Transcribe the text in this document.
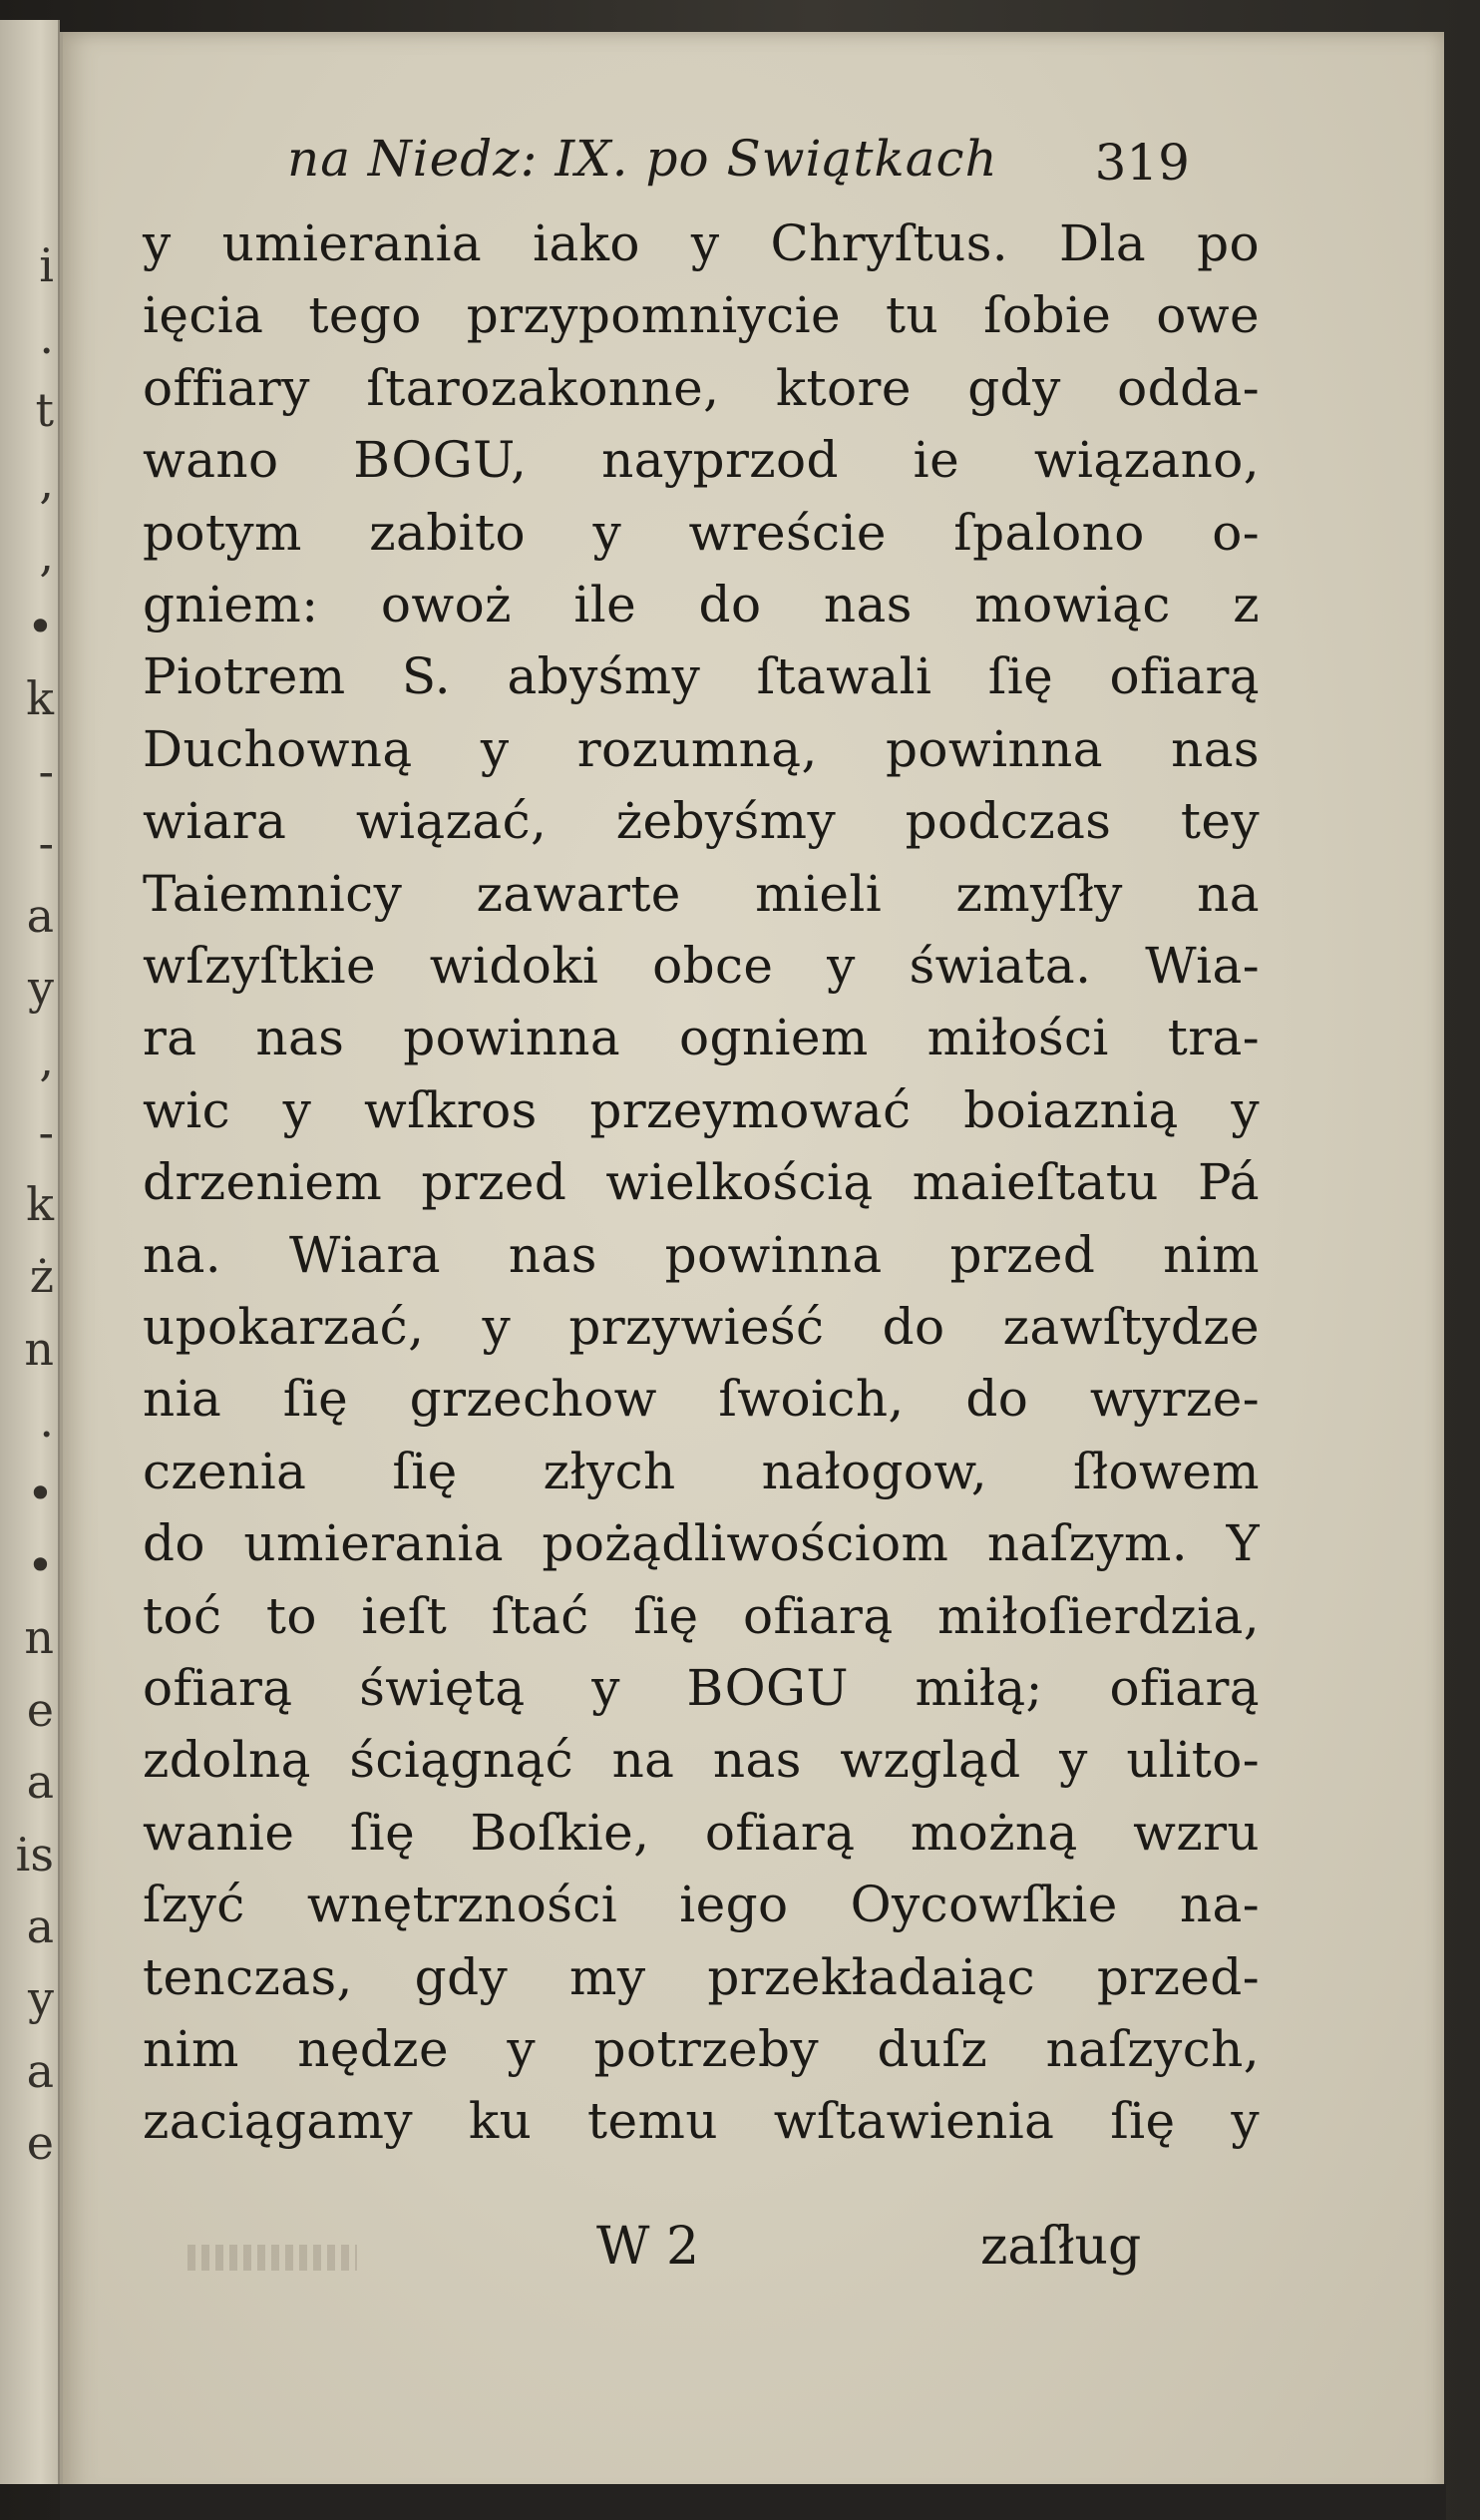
i
.
t
,
,
•
k
-
-
a
y
,
-
k
ż
n
.
•
•
n
e
a
is
a
y
a
e
na Niedz: IX. po Swiątkach 319
y umierania iako y Chryſtus. Dla po
ięcia tego przypomniycie tu ſobie owe
offiary ſtarozakonne, ktore gdy odda-
wano BOGU, nayprzod ie wiązano,
potym zabito y wreście ſpalono o-
gniem: owoż ile do nas mowiąc z
Piotrem S. abyśmy ſtawali ſię ofiarą
Duchowną y rozumną, powinna nas
wiara wiązać, żebyśmy podczas tey
Taiemnicy zawarte mieli zmyſły na
wſzyſtkie widoki obce y świata. Wia-
ra nas powinna ogniem miłości tra-
wic y wſkros przeymować boiaznią y
drzeniem przed wielkością maieſtatu Pá
na. Wiara nas powinna przed nim
upokarzać, y przywieść do zawſtydze
nia ſię grzechow ſwoich, do wyrze-
czenia ſię złych nałogow, ſłowem
do umierania pożądliwościom naſzym. Y
toć to ieſt ſtać ſię ofiarą miłoſierdzia,
ofiarą świętą y BOGU miłą; ofiarą
zdolną ściągnąć na nas wzgląd y ulito-
wanie ſię Boſkie, ofiarą możną wzru
ſzyć wnętrzności iego Oycowſkie na-
tenczas, gdy my przekładaiąc przed-
nim nędze y potrzeby duſz naſzych,
zaciągamy ku temu wſtawienia ſię y
W 2	zaſług
